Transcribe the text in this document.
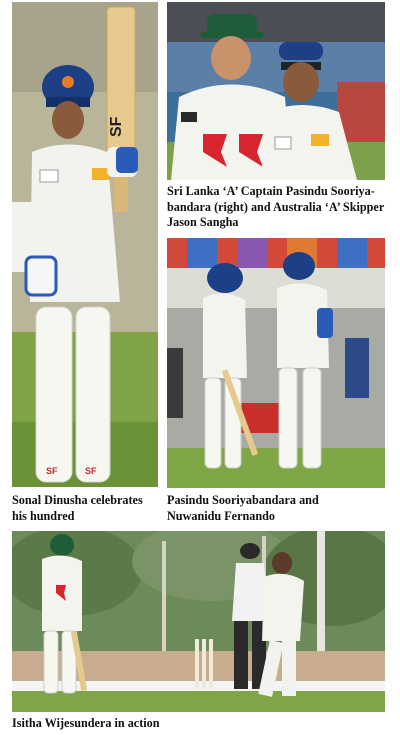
SF
SF	SF
Sonal Dinusha celebrates
his hundred
Sri Lanka ‘A’ Captain Pasindu Sooriya-
bandara (right) and Australia ‘A’ Skipper
Jason Sangha
Pasindu Sooriyabandara and
Nuwanidu Fernando
Isitha Wijesundera in action
